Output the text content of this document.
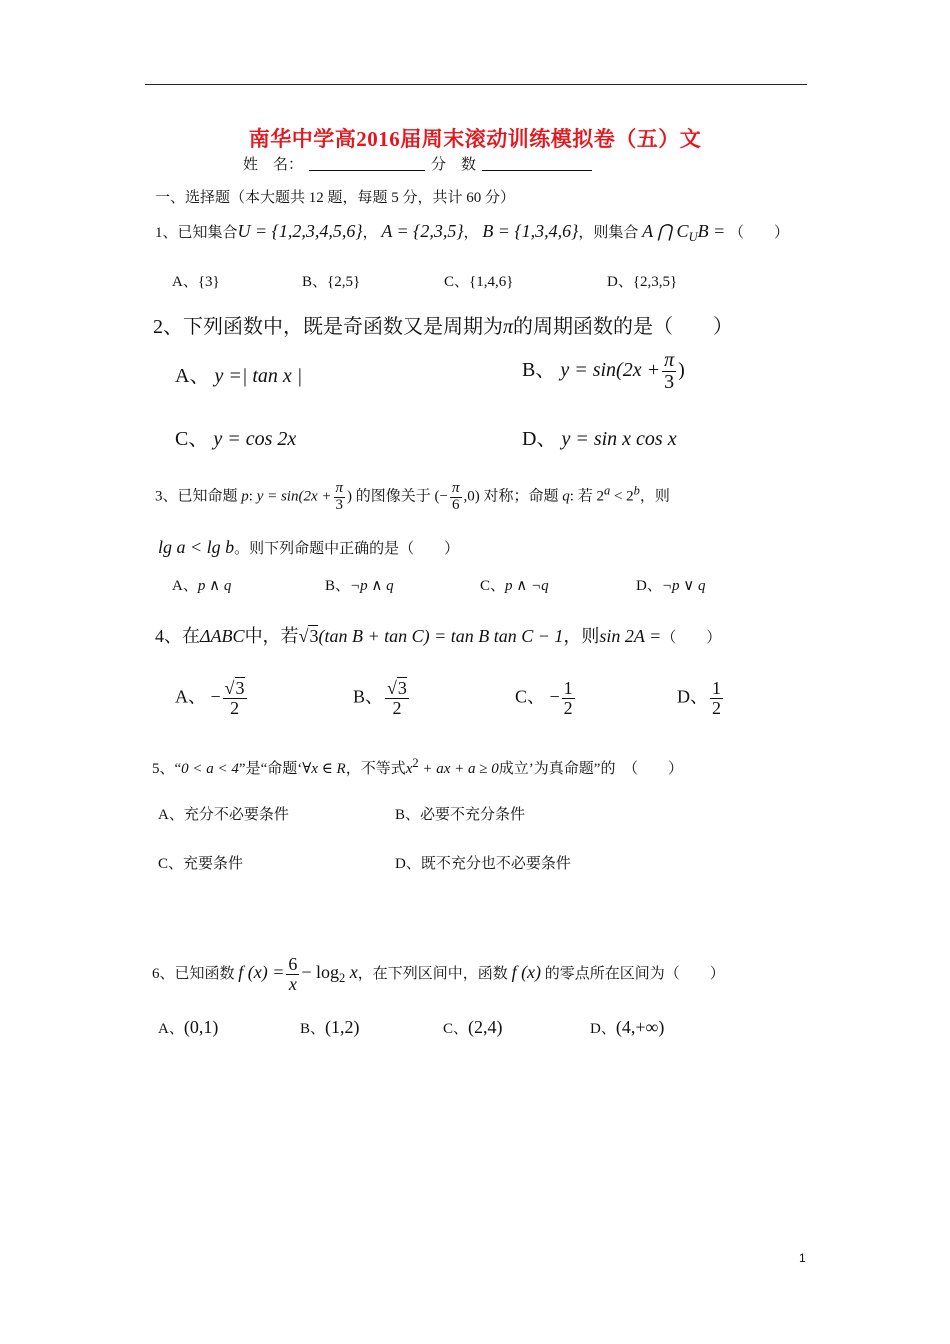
南华中学高2016届周末滚动训练模拟卷（五）文
姓　名：	分　数
一、选择题（本大题共 12 题，每题 5 分，共计 60 分）
1、已知集合U = {1,2,3,4,5,6}， A = {2,3,5}， B = {1,3,4,6}，则集合 A ⋂ $C_UB$ = （　　）
A、{3}	B、{2,5}	C、{1,4,6}	D、{2,3,5}
2、下列函数中，既是奇函数又是周期为π的周期函数的是（　　）
A、 y =| tan x |	B、 $y = \sin(2x + \frac{\pi}{3}$ )
C、 y = cos 2x	D、 y = sin x cos x
3、已知命题 p: $y = \sin(2x + \frac{\pi}{3}$ ) 的图像关于 (− $\frac{\pi}{6} ,0$) 对称；命题 q: 若 $2^a < 2^b$，则
lg a < lg b。则下列命题中正确的是（　　）
A、p ∧ q	B、¬p ∧ q	C、p ∧ ¬q	D、¬p ∨ q
4、在ΔABC中，若√3(tan B + tan C) = tan B tan C − 1，则sin 2A =（　　）
A、 − $\frac{√3}{2}$	B、 $\frac{√3}{2}$	C、 − $\frac{1}{2}$	D、 $\frac{1}{2}$
5、“0 < a < 4”是“命题‘∀x ∈ R，不等式$x^2$ + ax + a ≥ 0成立’为真命题”的 （　　）
A、充分不必要条件	B、必要不充分条件
C、充要条件	D、既不充分也不必要条件
6、已知函数 f $(x) = \frac{6}{x} - \log_2 x$，在下列区间中，函数 f (x) 的零点所在区间为（　　）
A、(0,1)	B、(1,2)	C、(2,4)	D、(4,+∞)
1
